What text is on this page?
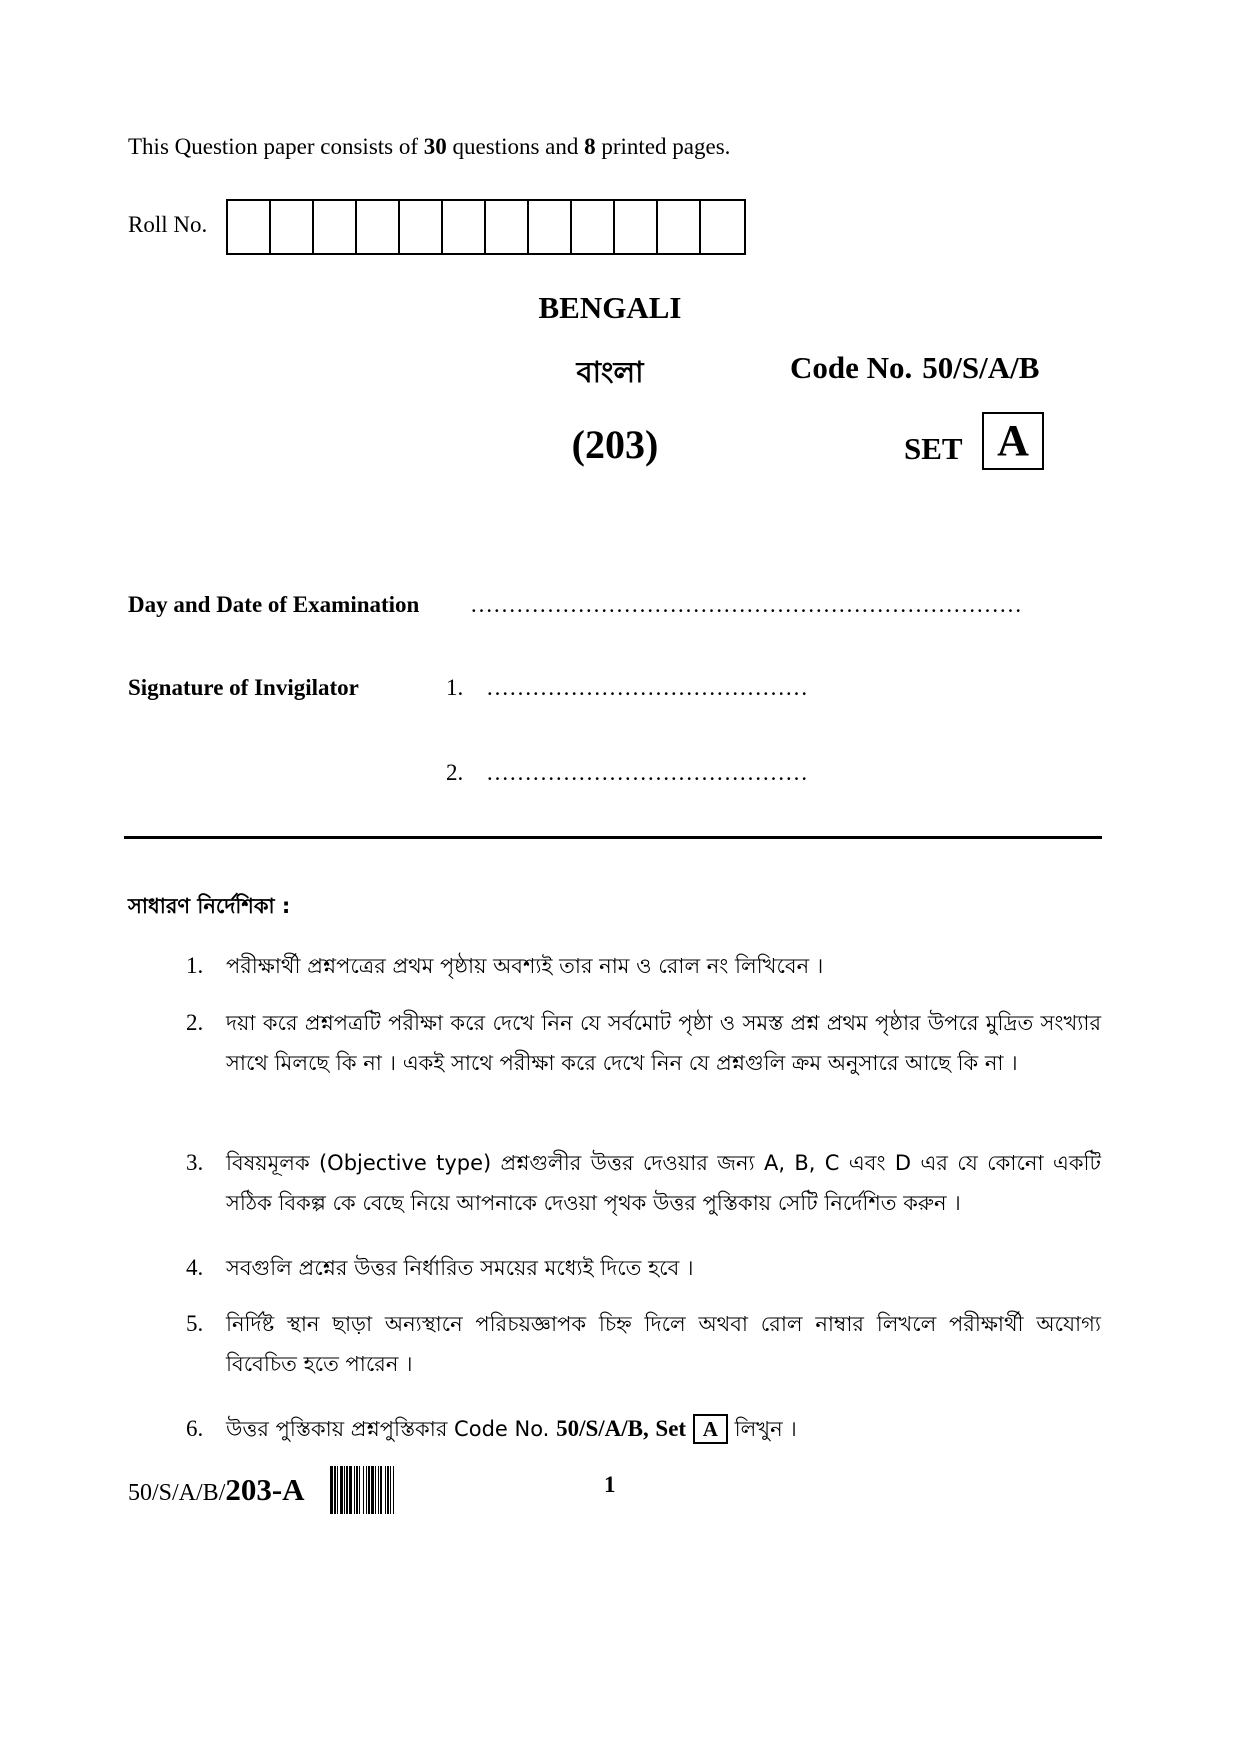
This Question paper consists of 30 questions and 8 printed pages.
Roll No.
BENGALI
বাংলা	Code No. 50/S/A/B
(203)	SET A
Day and Date of Examination ………………………………………………………………
Signature of Invigilator	1. ……………………………………
2. ……………………………………
সাধারণ নির্দেশিকা :
1. পরীক্ষার্থী প্রশ্নপত্রের প্রথম পৃষ্ঠায় অবশ্যই তার নাম ও রোল নং লিখিবেন ।
2. দয়া করে প্রশ্নপত্রটি পরীক্ষা করে দেখে নিন যে সর্বমোট পৃষ্ঠা ও সমস্ত প্রশ্ন প্রথম পৃষ্ঠার উপরে মুদ্রিত সংখ্যার সাথে মিলছে কি না । একই সাথে পরীক্ষা করে দেখে নিন যে প্রশ্নগুলি ক্রম অনুসারে আছে কি না ।
3. বিষয়মূলক (Objective type) প্রশ্নগুলীর উত্তর দেওয়ার জন্য A, B, C এবং D এর যে কোনো একটি সঠিক বিকল্প কে বেছে নিয়ে আপনাকে দেওয়া পৃথক উত্তর পুস্তিকায় সেটি নির্দেশিত করুন ।
4. সবগুলি প্রশ্নের উত্তর নির্ধারিত সময়ের মধ্যেই দিতে হবে ।
5. নির্দিষ্ট স্থান ছাড়া অন্যস্থানে পরিচয়জ্ঞাপক চিহ্ন দিলে অথবা রোল নাম্বার লিখলে পরীক্ষার্থী অযোগ্য বিবেচিত হতে পারেন ।
6. উত্তর পুস্তিকায় প্রশ্নপুস্তিকার Code No. 50/S/A/B, Set A লিখুন ।
50/S/A/B/203-A	1
